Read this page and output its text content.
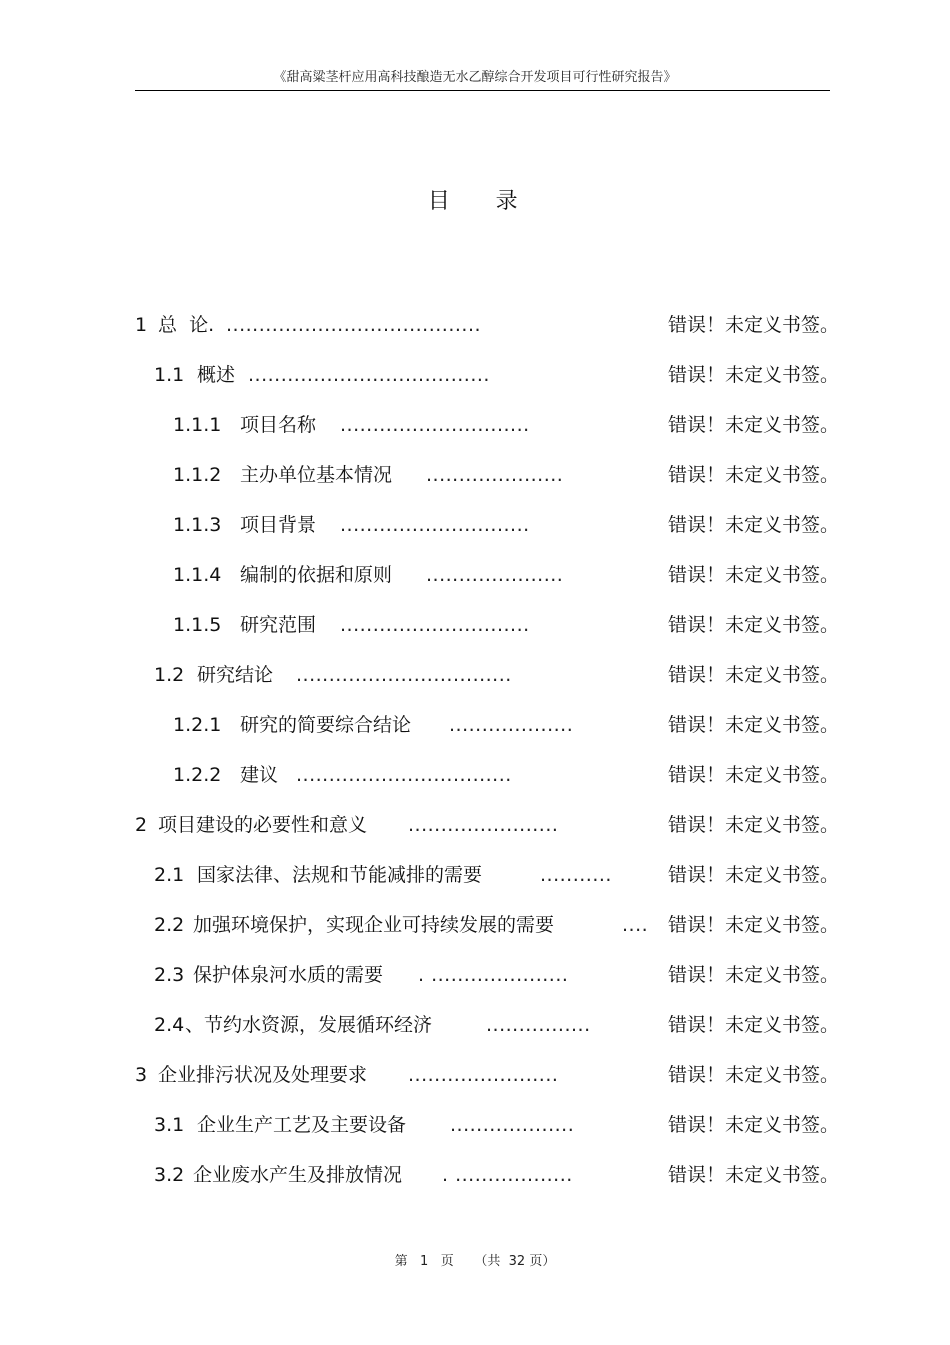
《甜高粱茎杆应用高科技酿造无水乙醇综合开发项目可行性研究报告》
目 录
1 总  论. .......................................	错误！未定义书签。
1.1 概述 .....................................	错误！未定义书签。
1.1.1 项目名称 .............................	错误！未定义书签。
1.1.2 主办单位基本情况 .....................	错误！未定义书签。
1.1.3 项目背景 .............................	错误！未定义书签。
1.1.4 编制的依据和原则 .....................	错误！未定义书签。
1.1.5 研究范围 .............................	错误！未定义书签。
1.2 研究结论 .................................	错误！未定义书签。
1.2.1 研究的简要综合结论 ...................	错误！未定义书签。
1.2.2 建议 .................................	错误！未定义书签。
2 项目建设的必要性和意义 .......................	错误！未定义书签。
2.1 国家法律、法规和节能减排的需要	...........	错误！未定义书签。
2.2 加强环境保护，实现企业可持续发展的需要	.... 错误！未定义书签。
2.3 保护体泉河水质的需要 . .....................	错误！未定义书签。
2.4 、节约水资源，发展循环经济	................	错误！未定义书签。
3 企业排污状况及处理要求 .......................	错误！未定义书签。
3.1 企业生产工艺及主要设备 ...................	错误！未定义书签。
3.2 企业废水产生及排放情况 . ..................	错误！未定义书签。
第   1   页     （共  32 页）
